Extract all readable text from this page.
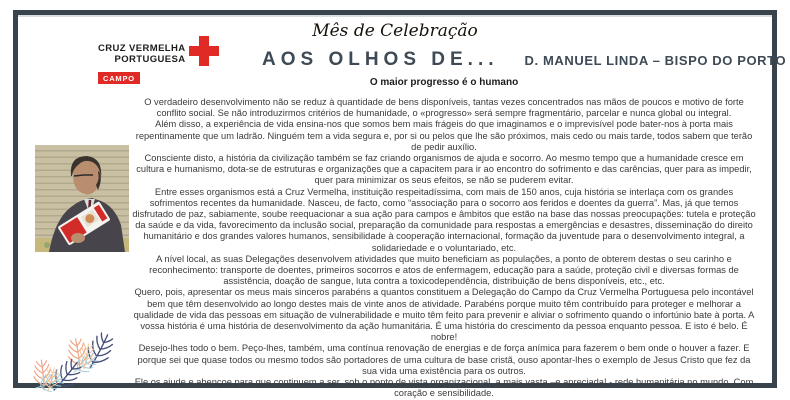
CRUZ VERMELHA
PORTUGUESA
CAMPO
Mês de Celebração
AOS OLHOS DE... D. MANUEL LINDA – BISPO DO PORTO
O maior progresso é o humano

O verdadeiro desenvolvimento não se reduz à quantidade de bens disponíveis, tantas vezes concentrados nas mãos de poucos e motivo de forte conflito social. Se não introduzirmos critérios de humanidade, o «progresso» será sempre fragmentário, parcelar e nunca global ou integral.

Além disso, a experiência de vida ensina-nos que somos bem mais frágeis do que imaginamos e o imprevisível pode bater-nos à porta mais repentinamente que um ladrão. Ninguém tem a vida segura e, por si ou pelos que lhe são próximos, mais cedo ou mais tarde, todos sabem que terão de pedir auxílio.

Consciente disto, a história da civilização também se faz criando organismos de ajuda e socorro. Ao mesmo tempo que a humanidade cresce em cultura e humanismo, dota-se de estruturas e organizações que a capacitem para ir ao encontro do sofrimento e das carências, quer para as impedir, quer para minimizar os seus efeitos, se não se puderem evitar.

Entre esses organismos está a Cruz Vermelha, instituição respeitadíssima, com mais de 150 anos, cuja história se interlaça com os grandes sofrimentos recentes da humanidade. Nasceu, de facto, como “associação para o socorro aos feridos e doentes da guerra”. Mas, já que temos disfrutado de paz, sabiamente, soube reequacionar a sua ação para campos e âmbitos que estão na base das nossas preocupações: tutela e proteção da saúde e da vida, favorecimento da inclusão social, preparação da comunidade para respostas a emergências e desastres, disseminação do direito humanitário e dos grandes valores humanos, sensibilidade à cooperação internacional, formação da juventude para o desenvolvimento integral, a solidariedade e o voluntariado, etc.

A nível local, as suas Delegações desenvolvem atividades que muito beneficiam as populações, a ponto de obterem destas o seu carinho e reconhecimento: transporte de doentes, primeiros socorros e atos de enfermagem, educação para a saúde, proteção civil e diversas formas de assistência, doação de sangue, luta contra a toxicodependência, distribuição de bens disponíveis, etc., etc.

Quero, pois, apresentar os meus mais sinceros parabéns a quantos constituem a Delegação do Campo da Cruz Vermelha Portuguesa pelo incontável bem que têm desenvolvido ao longo destes mais de vinte anos de atividade. Parabéns porque muito têm contribuído para proteger e melhorar a qualidade de vida das pessoas em situação de vulnerabilidade e muito têm feito para prevenir e aliviar o sofrimento quando o infortúnio bate à porta. A vossa história é uma história de desenvolvimento da ação humanitária. É uma história do crescimento da pessoa enquanto pessoa. E isto é belo. É nobre!

Desejo-lhes todo o bem. Peço-lhes, também, uma contínua renovação de energias e de força anímica para fazerem o bem onde o houver a fazer. E porque sei que quase todos ou mesmo todos são portadores de uma cultura de base cristã, ouso apontar-lhes o exemplo de Jesus Cristo que fez da sua vida uma existência para os outros.

Ele os ajude e abençoe para que continuem a ser, sob o ponto de vista organizacional, a mais vasta –e apreciada! - rede humanitária no mundo. Com coração e sensibilidade.
